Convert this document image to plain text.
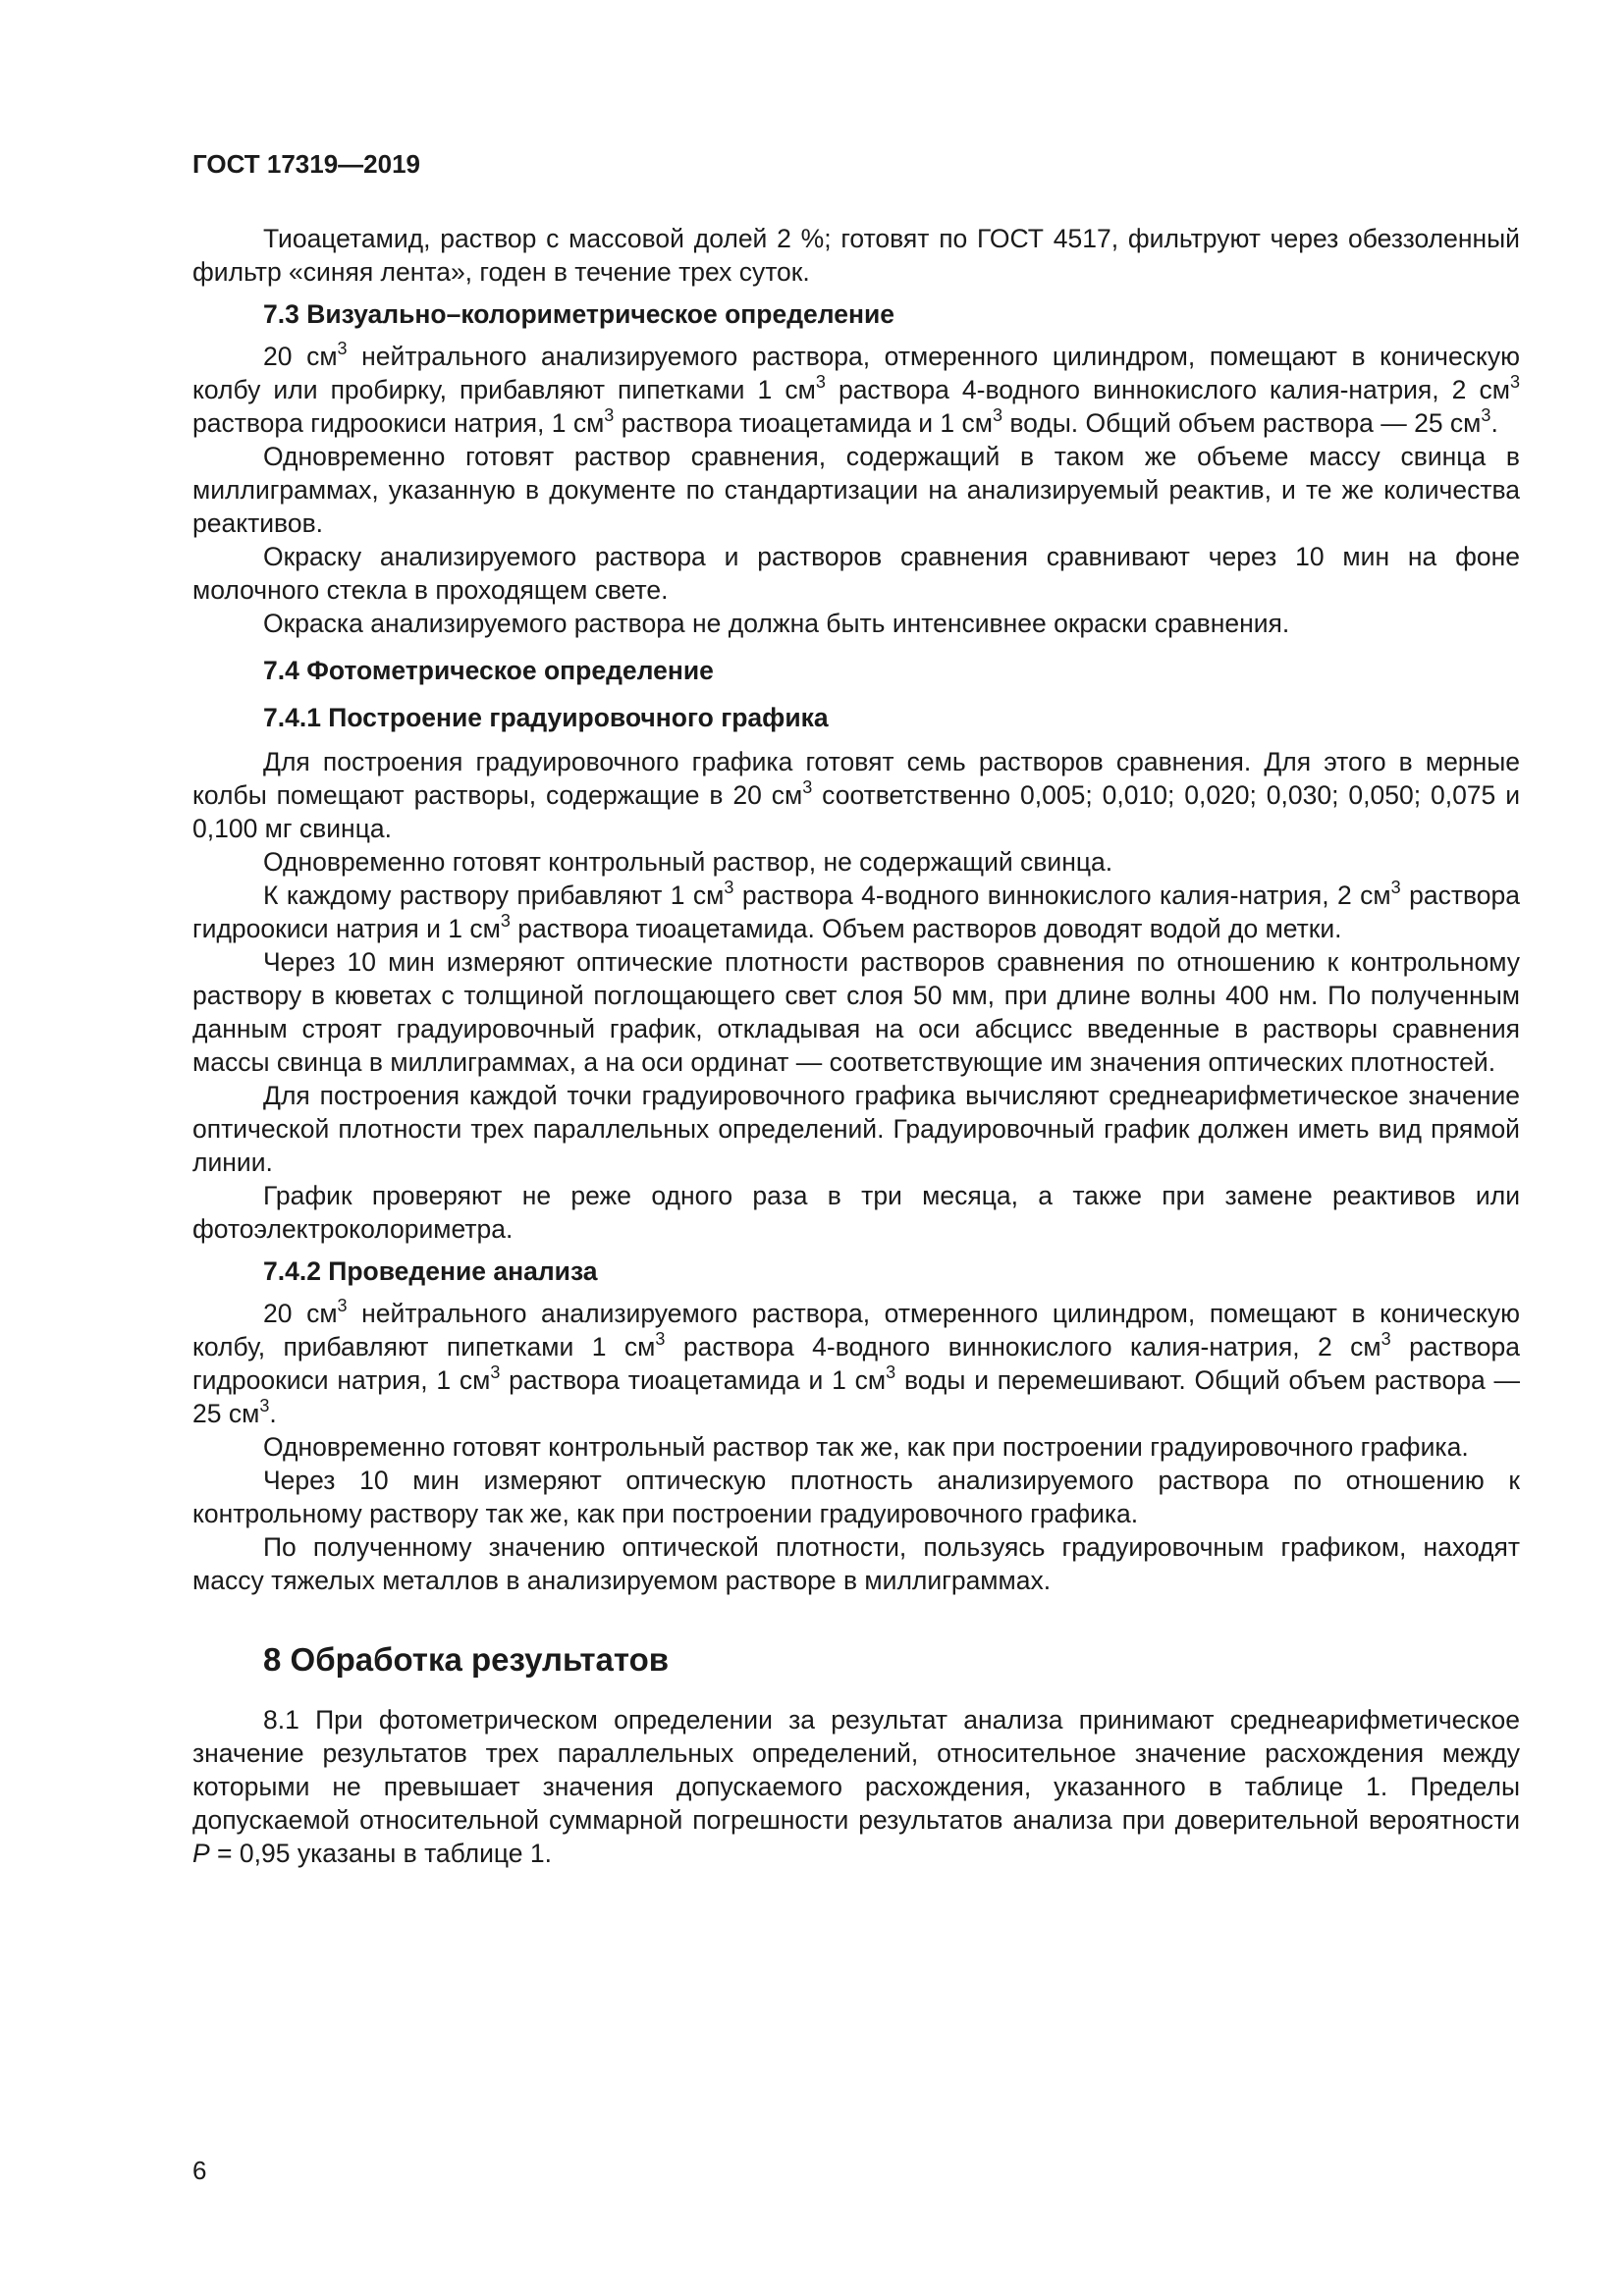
ГОСТ 17319—2019

Тиоацетамид, раствор с массовой долей 2 %; готовят по ГОСТ 4517, фильтруют через обеззоленный фильтр «синяя лента», годен в течение трех суток.

7.3 Визуально–колориметрическое определение

20 $см^3$ нейтрального анализируемого раствора, отмеренного цилиндром, помещают в коническую колбу или пробирку, прибавляют пипетками 1 $см^3$ раствора 4-водного виннокислого калия-натрия, 2 $см^3$ раствора гидроокиси натрия, 1 $см^3$ раствора тиоацетамида и 1 $см^3$ воды. Общий объем раствора — 25 $см^3$.

Одновременно готовят раствор сравнения, содержащий в таком же объеме массу свинца в миллиграммах, указанную в документе по стандартизации на анализируемый реактив, и те же количества реактивов.

Окраску анализируемого раствора и растворов сравнения сравнивают через 10 мин на фоне молочного стекла в проходящем свете.

Окраска анализируемого раствора не должна быть интенсивнее окраски сравнения.

7.4 Фотометрическое определение
7.4.1 Построение градуировочного графика

Для построения градуировочного графика готовят семь растворов сравнения. Для этого в мерные колбы помещают растворы, содержащие в 20 $см^3$ соответственно 0,005; 0,010; 0,020; 0,030; 0,050; 0,075 и 0,100 мг свинца.

Одновременно готовят контрольный раствор, не содержащий свинца.

К каждому раствору прибавляют 1 $см^3$ раствора 4-водного виннокислого калия-натрия, 2 $см^3$ раствора гидроокиси натрия и 1 $см^3$ раствора тиоацетамида. Объем растворов доводят водой до метки.

Через 10 мин измеряют оптические плотности растворов сравнения по отношению к контрольному раствору в кюветах с толщиной поглощающего свет слоя 50 мм, при длине волны 400 нм. По полученным данным строят градуировочный график, откладывая на оси абсцисс введенные в растворы сравнения массы свинца в миллиграммах, а на оси ординат — соответствующие им значения оптических плотностей.

Для построения каждой точки градуировочного графика вычисляют среднеарифметическое значение оптической плотности трех параллельных определений. Градуировочный график должен иметь вид прямой линии.

График проверяют не реже одного раза в три месяца, а также при замене реактивов или фотоэлектроколориметра.

7.4.2 Проведение анализа

20 $см^3$ нейтрального анализируемого раствора, отмеренного цилиндром, помещают в коническую колбу, прибавляют пипетками 1 $см^3$ раствора 4-водного виннокислого калия-натрия, 2 $см^3$ раствора гидроокиси натрия, 1 $см^3$ раствора тиоацетамида и 1 $см^3$ воды и перемешивают. Общий объем раствора — 25 $см^3$.

Одновременно готовят контрольный раствор так же, как при построении градуировочного графика.

Через 10 мин измеряют оптическую плотность анализируемого раствора по отношению к контрольному раствору так же, как при построении градуировочного графика.

По полученному значению оптической плотности, пользуясь градуировочным графиком, находят массу тяжелых металлов в анализируемом растворе в миллиграммах.

8 Обработка результатов

8.1 При фотометрическом определении за результат анализа принимают среднеарифметическое значение результатов трех параллельных определений, относительное значение расхождения между которыми не превышает значения допускаемого расхождения, указанного в таблице 1. Пределы допускаемой относительной суммарной погрешности результатов анализа при доверительной вероятности P = 0,95 указаны в таблице 1.

6
